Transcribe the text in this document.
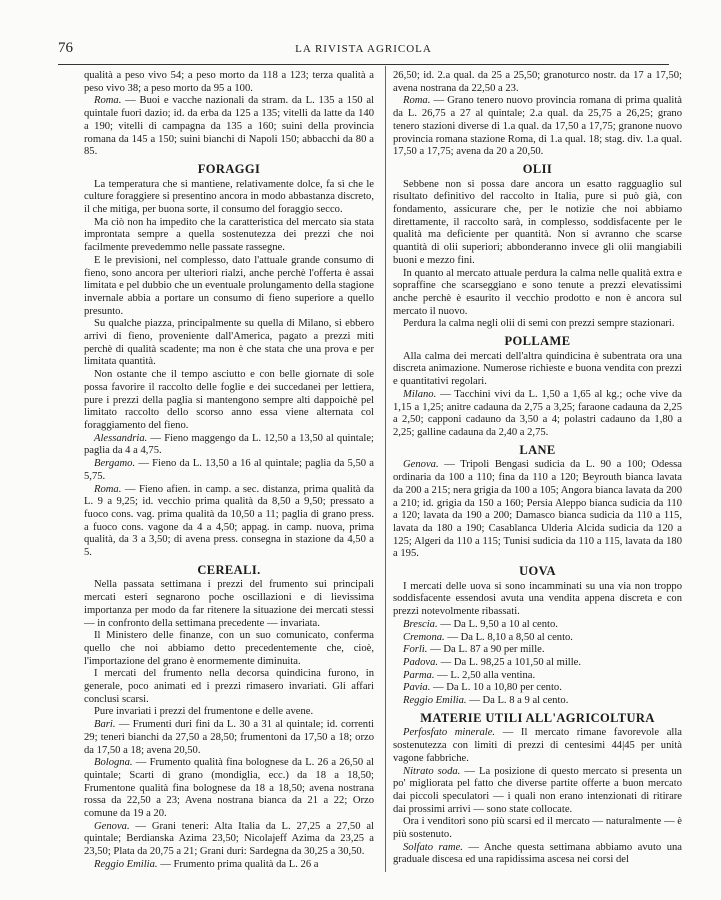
76	LA RIVISTA AGRICOLA

qualità a peso vivo 54; a peso morto da 118 a 123; terza qualità a peso vivo 38; a peso morto da 95 a 100.

Roma. — Buoi e vacche nazionali da stram. da L. 135 a 150 al quintale fuori dazio; id. da erba da 125 a 135; vitelli da latte da 140 a 190; vitelli di campagna da 135 a 160; suini della provincia romana da 145 a 150; suini bianchi di Napoli 150; abbacchi da 80 a 85.

FORAGGI

La temperatura che si mantiene, relativamente dolce, fa sì che le culture foraggiere si presentino ancora in modo abbastanza discreto, il che mitiga, per buona sorte, il consumo del foraggio secco.

Ma ciò non ha impedito che la caratteristica del mercato sia stata improntata sempre a quella sostenutezza dei prezzi che noi facilmente prevedemmo nelle passate rassegne.

E le previsioni, nel complesso, dato l'attuale grande consumo di fieno, sono ancora per ulteriori rialzi, anche perchè l'offerta è assai limitata e pel dubbio che un eventuale prolungamento della stagione invernale abbia a portare un consumo di fieno superiore a quello presunto.

Su qualche piazza, principalmente su quella di Milano, si ebbero arrivi di fieno, proveniente dall'America, pagato a prezzi miti perchè di qualità scadente; ma non è che stata che una prova e per limitata quantità.

Non ostante che il tempo asciutto e con belle giornate di sole possa favorire il raccolto delle foglie e dei succedanei per lettiera, pure i prezzi della paglia si mantengono sempre alti dappoichè pel limitato raccolto dello scorso anno essa viene alternata col foraggiamento del fieno.

Alessandria. — Fieno maggengo da L. 12,50 a 13,50 al quintale; paglia da 4 a 4,75.

Bergamo. — Fieno da L. 13,50 a 16 al quintale; paglia da 5,50 a 5,75.

Roma. — Fieno afien. in camp. a sec. distanza, prima qualità da L. 9 a 9,25; id. vecchio prima qualità da 8,50 a 9,50; pressato a fuoco cons. vag. prima qualità da 10,50 a 11; paglia di grano press. a fuoco cons. vagone da 4 a 4,50; appag. in camp. nuova, prima qualità, da 3 a 3,50; di avena press. consegna in stazione da 4,50 a 5.

CEREALI.

Nella passata settimana i prezzi del frumento sui principali mercati esteri segnarono poche oscillazioni e di lievissima importanza per modo da far ritenere la situazione dei mercati stessi — in confronto della settimana precedente — invariata.

Il Ministero delle finanze, con un suo comunicato, conferma quello che noi abbiamo detto precedentemente che, cioè, l'importazione del grano è enormemente diminuita.

I mercati del frumento nella decorsa quindicina furono, in generale, poco animati ed i prezzi rimasero invariati. Gli affari conclusi scarsi.

Pure invariati i prezzi del frumentone e delle avene.

Bari. — Frumenti duri fini da L. 30 a 31 al quintale; id. correnti 29; teneri bianchi da 27,50 a 28,50; frumentoni da 17,50 a 18; orzo da 17,50 a 18; avena 20,50.

Bologna. — Frumento qualità fina bolognese da L. 26 a 26,50 al quintale; Scarti di grano (mondiglia, ecc.) da 18 a 18,50; Frumentone qualità fina bolognese da 18 a 18,50; avena nostrana rossa da 22,50 a 23; Avena nostrana bianca da 21 a 22; Orzo comune da 19 a 20.

Genova. — Grani teneri: Alta Italia da L. 27,25 a 27,50 al quintale; Berdianska Azima 23,50; Nicolajeff Azima da 23,25 a 23,50; Plata da 20,75 a 21; Grani duri: Sardegna da 30,25 a 30,50.

Reggio Emilia. — Frumento prima qualità da L. 26 a

26,50; id. 2.a qual. da 25 a 25,50; granoturco nostr. da 17 a 17,50; avena nostrana da 22,50 a 23.

Roma. — Grano tenero nuovo provincia romana di prima qualità da L. 26,75 a 27 al quintale; 2.a qual. da 25,75 a 26,25; grano tenero stazioni diverse di 1.a qual. da 17,50 a 17,75; granone nuovo provincia romana stazione Roma, di 1.a qual. 18; stag. div. 1.a qual. 17,50 a 17,75; avena da 20 a 20,50.

OLII

Sebbene non si possa dare ancora un esatto ragguaglio sul risultato definitivo del raccolto in Italia, pure si può già, con fondamento, assicurare che, per le notizie che noi abbiamo direttamente, il raccolto sarà, in complesso, soddisfacente per le qualità ma deficiente per quantità. Non si avranno che scarse quantità di olii superiori; abbonderanno invece gli olii mangiabili buoni e mezzo fini.

In quanto al mercato attuale perdura la calma nelle qualità extra e sopraffine che scarseggiano e sono tenute a prezzi elevatissimi anche perchè è esaurito il vecchio prodotto e non è ancora sul mercato il nuovo.

Perdura la calma negli olii di semi con prezzi sempre stazionari.

POLLAME

Alla calma dei mercati dell'altra quindicina è subentrata ora una discreta animazione. Numerose richieste e buona vendita con prezzi e quantitativi regolari.

Milano. — Tacchini vivi da L. 1,50 a 1,65 al kg.; oche vive da 1,15 a 1,25; anitre cadauna da 2,75 a 3,25; faraone cadauna da 2,25 a 2,50; capponi cadauno da 3,50 a 4; polastri cadauno da 1,80 a 2,25; galline cadauna da 2,40 a 2,75.

LANE

Genova. — Tripoli Bengasi sudicia da L. 90 a 100; Odessa ordinaria da 100 a 110; fina da 110 a 120; Beyrouth bianca lavata da 200 a 215; nera grigia da 100 a 105; Angora bianca lavata da 200 a 210; id. grigia da 150 a 160; Persia Aleppo bianca sudicia da 110 a 120; lavata da 190 a 200; Damasco bianca sudicia da 110 a 115, lavata da 180 a 190; Casablanca Ulderia Alcida sudicia da 120 a 125; Algeri da 110 a 115; Tunisi sudicia da 110 a 115, lavata da 180 a 195.

UOVA

I mercati delle uova si sono incamminati su una via non troppo soddisfacente essendosi avuta una vendita appena discreta e con prezzi notevolmente ribassati.

Brescia. — Da L. 9,50 a 10 al cento.

Cremona. — Da L. 8,10 a 8,50 al cento.

Forlì. — Da L. 87 a 90 per mille.

Padova. — Da L. 98,25 a 101,50 al mille.

Parma. — L. 2,50 alla ventina.

Pavia. — Da L. 10 a 10,80 per cento.

Reggio Emilia. — Da L. 8 a 9 al cento.

MATERIE UTILI ALL'AGRICOLTURA

Perfosfato minerale. — Il mercato rimane favorevole alla sostenutezza con limiti di prezzi di centesimi 44|45 per unità vagone fabbriche.

Nitrato soda. — La posizione di questo mercato si presenta un po' migliorata pel fatto che diverse partite offerte a buon mercato dai piccoli speculatori — i quali non erano intenzionati di ritirare dai prossimi arrivi — sono state collocate.

Ora i venditori sono più scarsi ed il mercato — naturalmente — è più sostenuto.

Solfato rame. — Anche questa settimana abbiamo avuto una graduale discesa ed una rapidissima ascesa nei corsi del
